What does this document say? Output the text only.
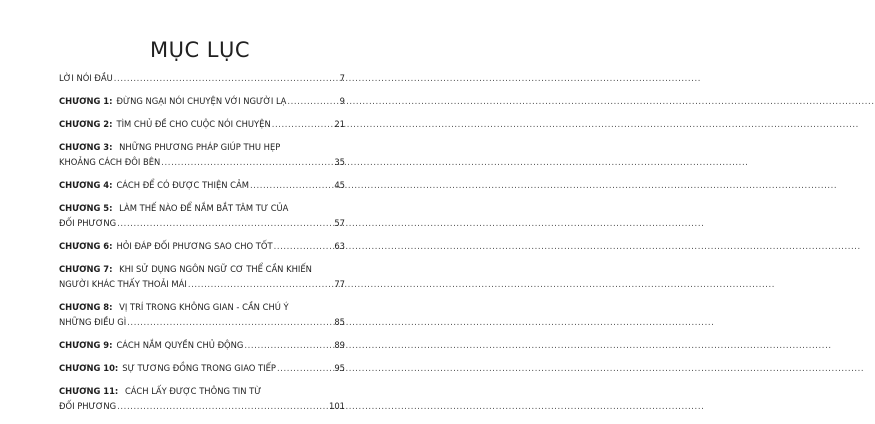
MỤC LỤC
LỜI NÓI ĐẦU .....	7
CHƯƠNG 1: ĐỪNG NGẠI NÓI CHUYỆN VỚI NGƯỜI LẠ .....	9
CHƯƠNG 2: TÌM CHỦ ĐỀ CHO CUỘC NÓI CHUYỆN .....	21
CHƯƠNG 3: NHỮNG PHƯƠNG PHÁP GIÚP THU HẸP
KHOẢNG CÁCH ĐÔI BÊN .....	35
CHƯƠNG 4: CÁCH ĐỂ CÓ ĐƯỢC THIỆN CẢM .....	45
CHƯƠNG 5: LÀM THẾ NÀO ĐỂ NẮM BẮT TÂM TƯ CỦA
ĐỐI PHƯƠNG .....	57
CHƯƠNG 6: HỎI ĐÁP ĐỐI PHƯƠNG SAO CHO TỐT .....	63
CHƯƠNG 7: KHI SỬ DỤNG NGÔN NGỮ CƠ THỂ CẦN KHIẾN
NGƯỜI KHÁC THẤY THOẢI MÁI .....	77
CHƯƠNG 8: VỊ TRÍ TRONG KHÔNG GIAN - CẦN CHÚ Ý
NHỮNG ĐIỀU GÌ .....	85
CHƯƠNG 9: CÁCH NẮM QUYỀN CHỦ ĐỘNG .....	89
CHƯƠNG 10: SỰ TƯƠNG ĐỒNG TRONG GIAO TIẾP .....	95
CHƯƠNG 11: CÁCH LẤY ĐƯỢC THÔNG TIN TỪ
ĐỐI PHƯƠNG .....	101
